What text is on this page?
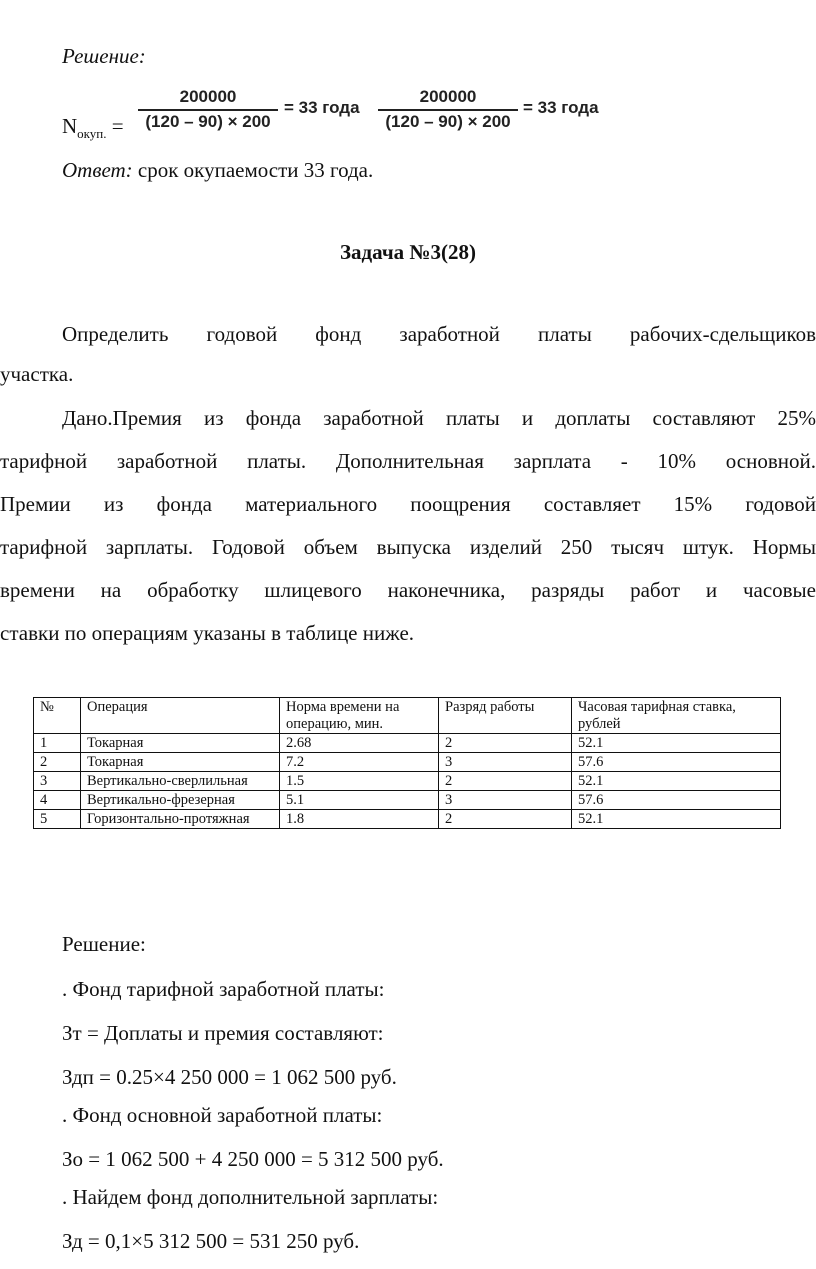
Решение:
$N_{окуп.}$ =
200000
(120 – 90) × 200
= 33 года
200000
(120 – 90) × 200
= 33 года
Ответ: срок окупаемости 33 года.
Задача №3(28)
Определить годовой фонд заработной платы рабочих-сдельщиков
участка.
Дано.Премия из фонда заработной платы и доплаты составляют 25%
тарифной заработной платы. Дополнительная зарплата - 10% основной.
Премии из фонда материального поощрения составляет 15% годовой
тарифной зарплаты. Годовой объем выпуска изделий 250 тысяч штук. Нормы
времени на обработку шлицевого наконечника, разряды работ и часовые
ставки по операциям указаны в таблице ниже.
№	Операция	Норма времени на операцию, мин.	Разряд работы	Часовая тарифная ставка, рублей
1	Токарная	2.68	2	52.1
2	Токарная	7.2	3	57.6
3	Вертикально-сверлильная	1.5	2	52.1
4	Вертикально-фрезерная	5.1	3	57.6
5	Горизонтально-протяжная	1.8	2	52.1
Решение:
. Фонд тарифной заработной платы:
Зт = Доплаты и премия составляют:
Здп = 0.25×4 250 000 = 1 062 500 руб.
. Фонд основной заработной платы:
Зо = 1 062 500 + 4 250 000 = 5 312 500 руб.
. Найдем фонд дополнительной зарплаты:
Зд = 0,1×5 312 500 = 531 250 руб.
